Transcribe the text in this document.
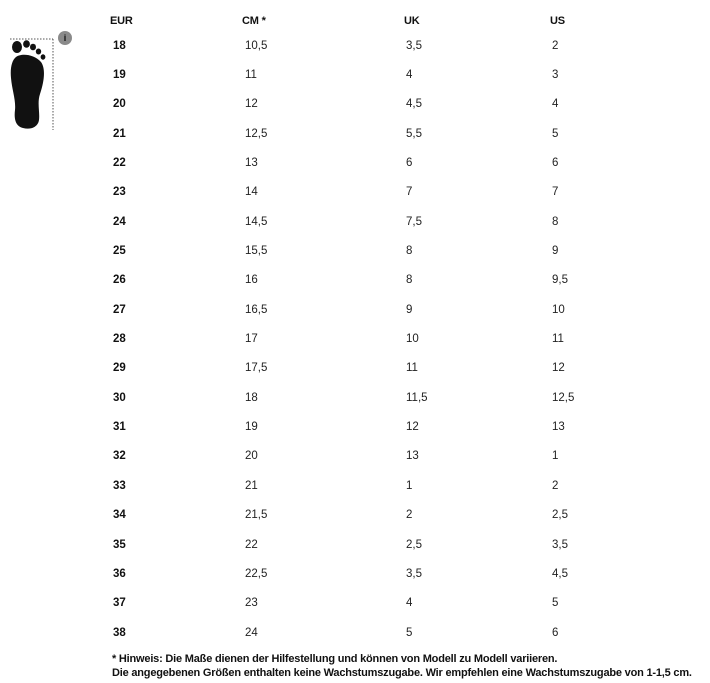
i
EUR	CM *	UK	US
18	10,5	3,5	2
19	11	4	3
20	12	4,5	4
21	12,5	5,5	5
22	13	6	6
23	14	7	7
24	14,5	7,5	8
25	15,5	8	9
26	16	8	9,5
27	16,5	9	10
28	17	10	11
29	17,5	11	12
30	18	11,5	12,5
31	19	12	13
32	20	13	1
33	21	1	2
34	21,5	2	2,5
35	22	2,5	3,5
36	22,5	3,5	4,5
37	23	4	5
38	24	5	6
* Hinweis: Die Maße dienen der Hilfestellung und können von Modell zu Modell variieren.
Die angegebenen Größen enthalten keine Wachstumszugabe. Wir empfehlen eine Wachstumszugabe von 1-1,5 cm.
